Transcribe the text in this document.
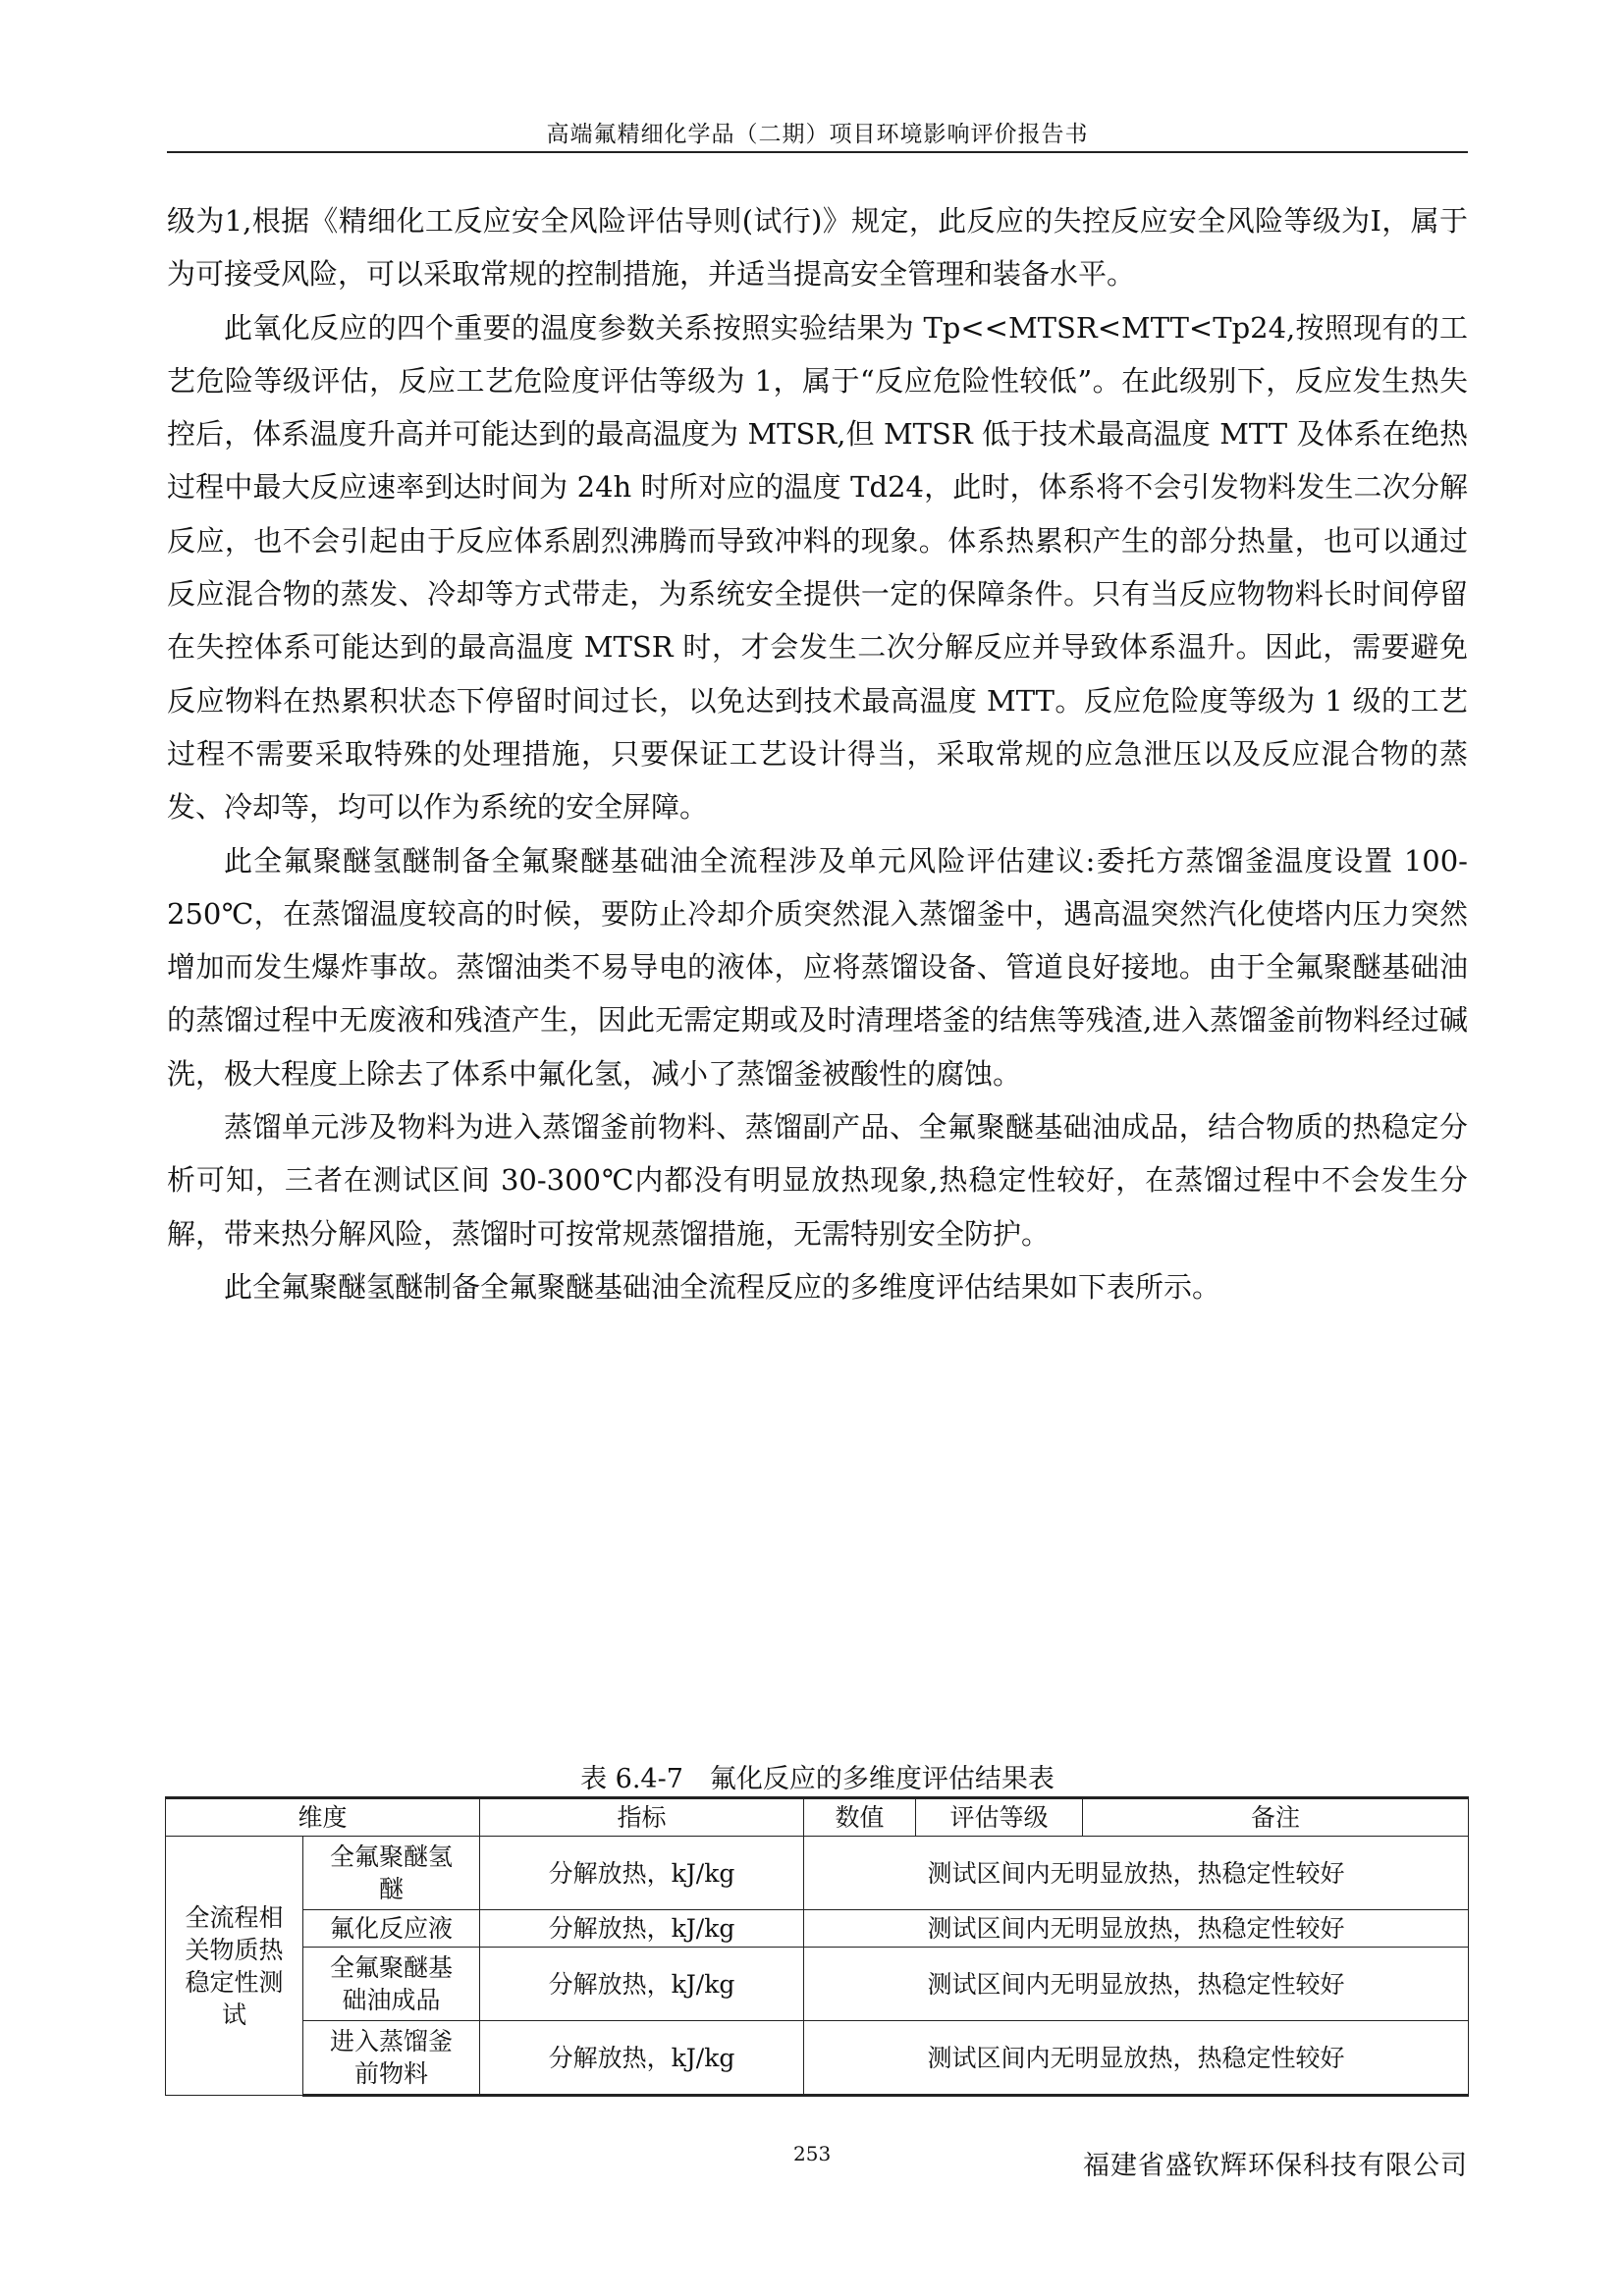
高端氟精细化学品（二期）项目环境影响评价报告书

级为1,根据《精细化工反应安全风险评估导则(试行)》规定，此反应的失控反应安全风险等级为I，属于为可接受风险，可以采取常规的控制措施，并适当提高安全管理和装备水平。

此氧化反应的四个重要的温度参数关系按照实验结果为 Tp<<MTSR<MTT<Tp24,按照现有的工艺危险等级评估，反应工艺危险度评估等级为 1，属于“反应危险性较低”。在此级别下，反应发生热失控后，体系温度升高并可能达到的最高温度为 MTSR,但 MTSR 低于技术最高温度 MTT 及体系在绝热过程中最大反应速率到达时间为 24h 时所对应的温度 Td24，此时，体系将不会引发物料发生二次分解反应，也不会引起由于反应体系剧烈沸腾而导致冲料的现象。体系热累积产生的部分热量，也可以通过反应混合物的蒸发、冷却等方式带走，为系统安全提供一定的保障条件。只有当反应物物料长时间停留在失控体系可能达到的最高温度 MTSR 时，才会发生二次分解反应并导致体系温升。因此，需要避免反应物料在热累积状态下停留时间过长，以免达到技术最高温度 MTT。反应危险度等级为 1 级的工艺过程不需要采取特殊的处理措施，只要保证工艺设计得当，采取常规的应急泄压以及反应混合物的蒸发、冷却等，均可以作为系统的安全屏障。

此全氟聚醚氢醚制备全氟聚醚基础油全流程涉及单元风险评估建议:委托方蒸馏釜温度设置 100-250℃，在蒸馏温度较高的时候，要防止冷却介质突然混入蒸馏釜中，遇高温突然汽化使塔内压力突然增加而发生爆炸事故。蒸馏油类不易导电的液体，应将蒸馏设备、管道良好接地。由于全氟聚醚基础油的蒸馏过程中无废液和残渣产生，因此无需定期或及时清理塔釜的结焦等残渣,进入蒸馏釜前物料经过碱洗，极大程度上除去了体系中氟化氢，减小了蒸馏釜被酸性的腐蚀。

蒸馏单元涉及物料为进入蒸馏釜前物料、蒸馏副产品、全氟聚醚基础油成品，结合物质的热稳定分析可知，三者在测试区间 30-300℃内都没有明显放热现象,热稳定性较好，在蒸馏过程中不会发生分解，带来热分解风险，蒸馏时可按常规蒸馏措施，无需特别安全防护。

此全氟聚醚氢醚制备全氟聚醚基础油全流程反应的多维度评估结果如下表所示。

表 6.4-7　氟化反应的多维度评估结果表
维度		指标	数值	评估等级	备注
全流程相关物质热稳定性测试	全氟聚醚氢醚	分解放热，kJ/kg	测试区间内无明显放热，热稳定性较好		
	氟化反应液	分解放热，kJ/kg	测试区间内无明显放热，热稳定性较好		
	全氟聚醚基础油成品	分解放热，kJ/kg	测试区间内无明显放热，热稳定性较好		
	进入蒸馏釜前物料	分解放热，kJ/kg	测试区间内无明显放热，热稳定性较好		
253	福建省盛钦辉环保科技有限公司
